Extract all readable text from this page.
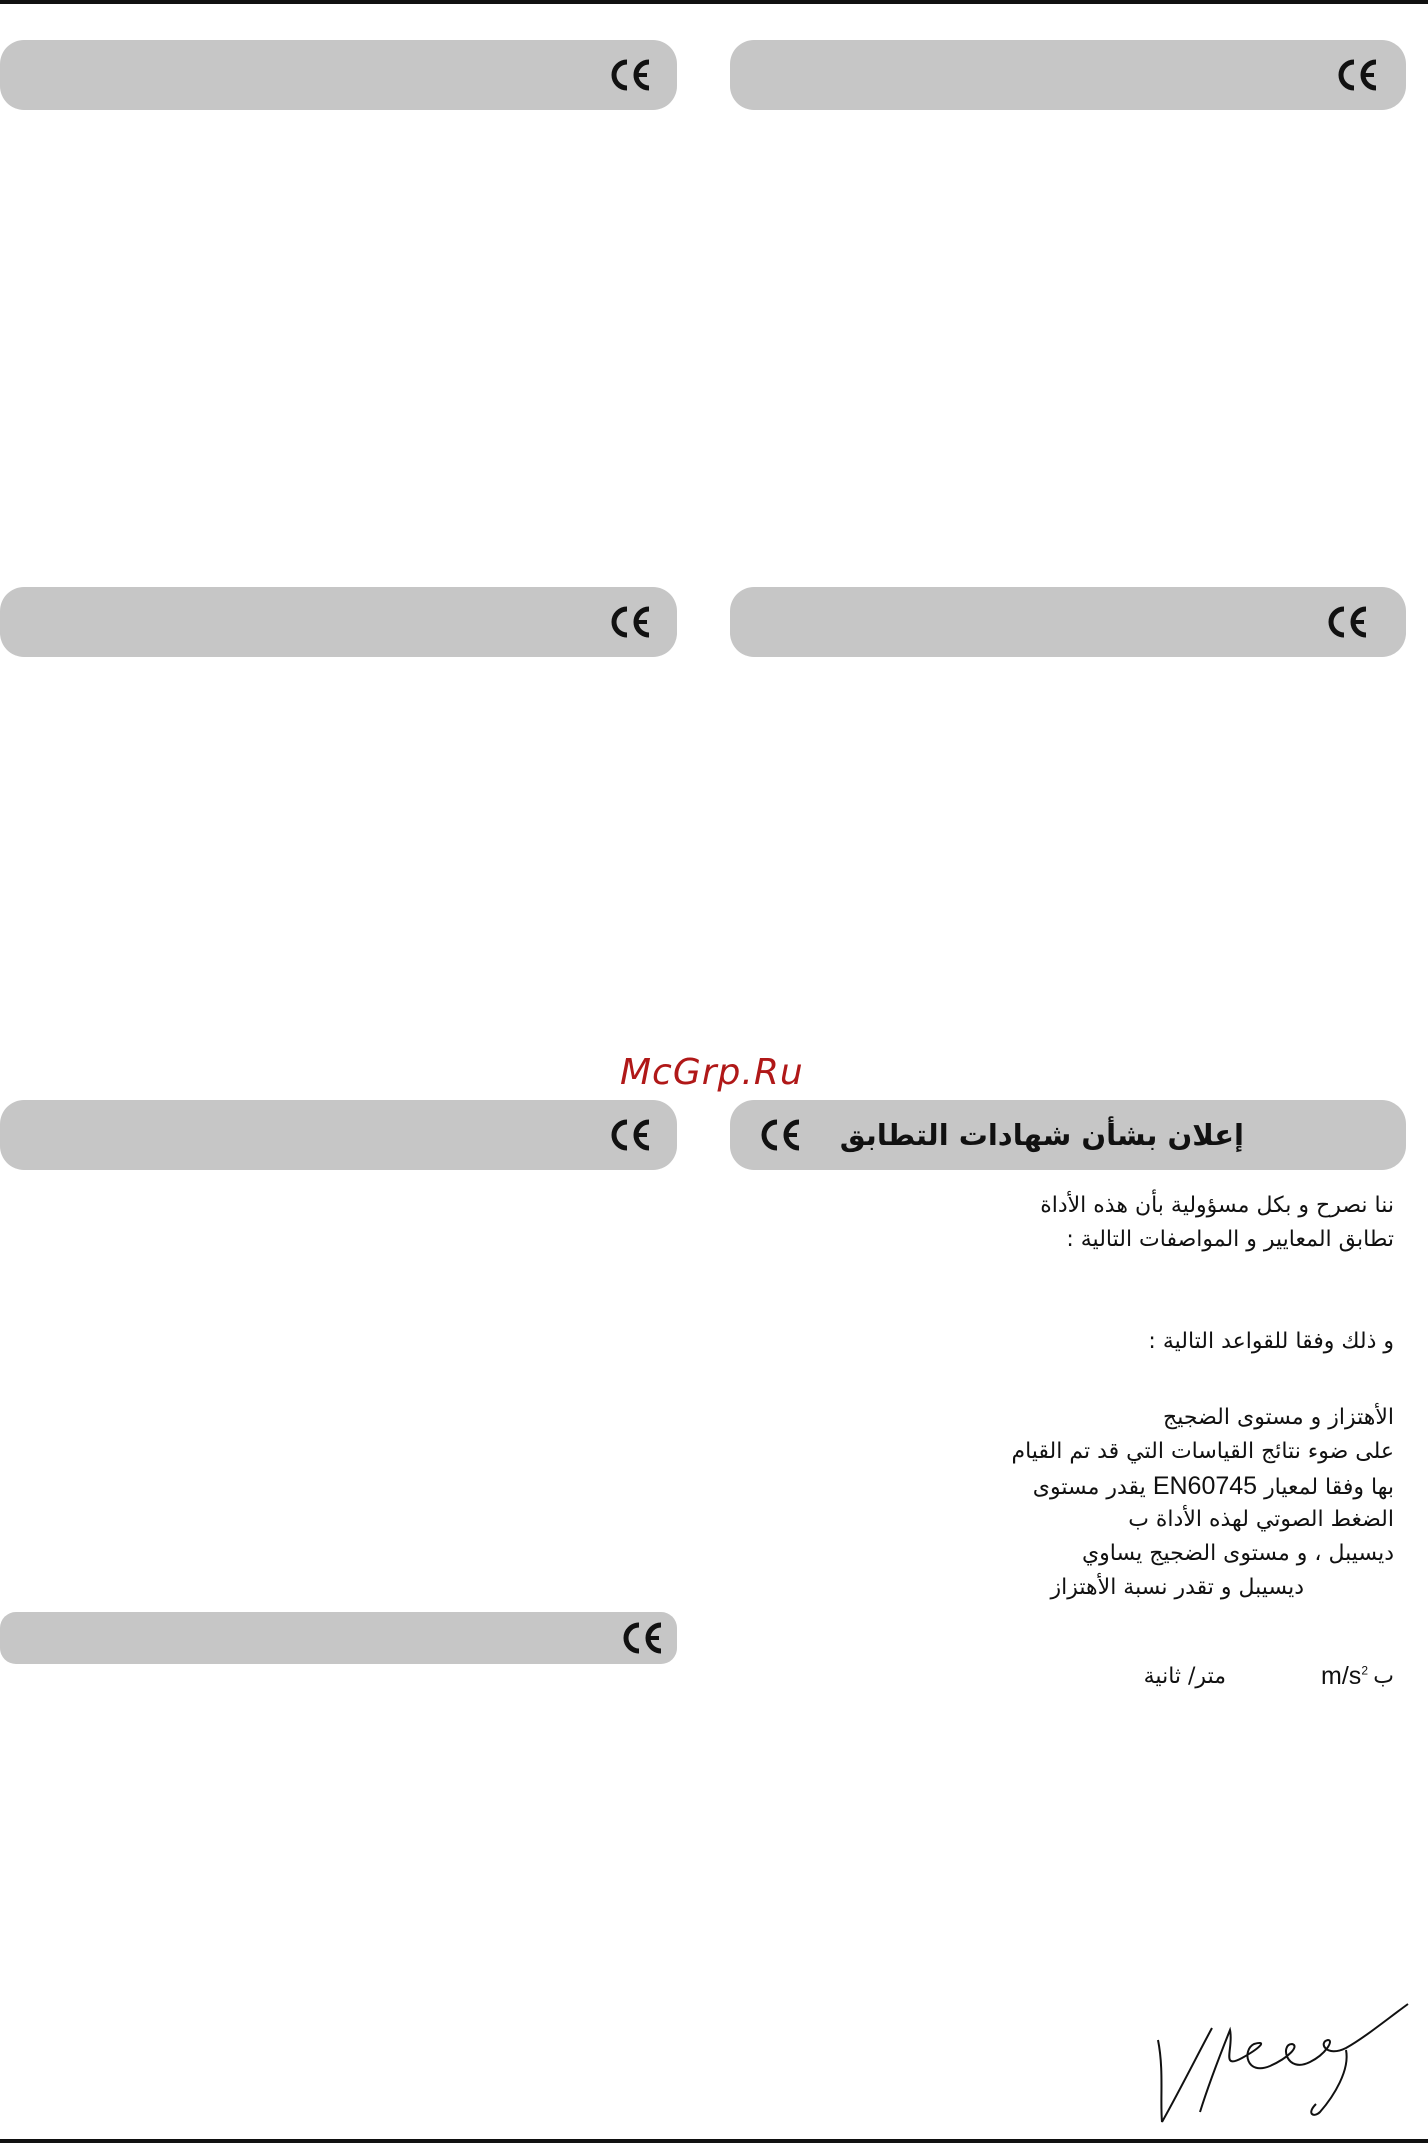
McGrp.Ru
إعلان بشأن شهادات التطابق
ننا نصرح و بكل مسؤولية بأن هذه الأداة
تطابق المعايير و المواصفات التالية :
و ذلك وفقا للقواعد التالية :
الأهتزاز و مستوى الضجيج
على ضوء نتائج القياسات التي قد تم القيام
بها وفقا لمعيار EN60745 يقدر مستوى
الضغط الصوتي لهذه الأداة ب
ديسيبل ، و مستوى الضجيج يساوي
ديسيبل و تقدر نسبة الأهتزاز
ب
$m/s^2$
متر/ ثانية
